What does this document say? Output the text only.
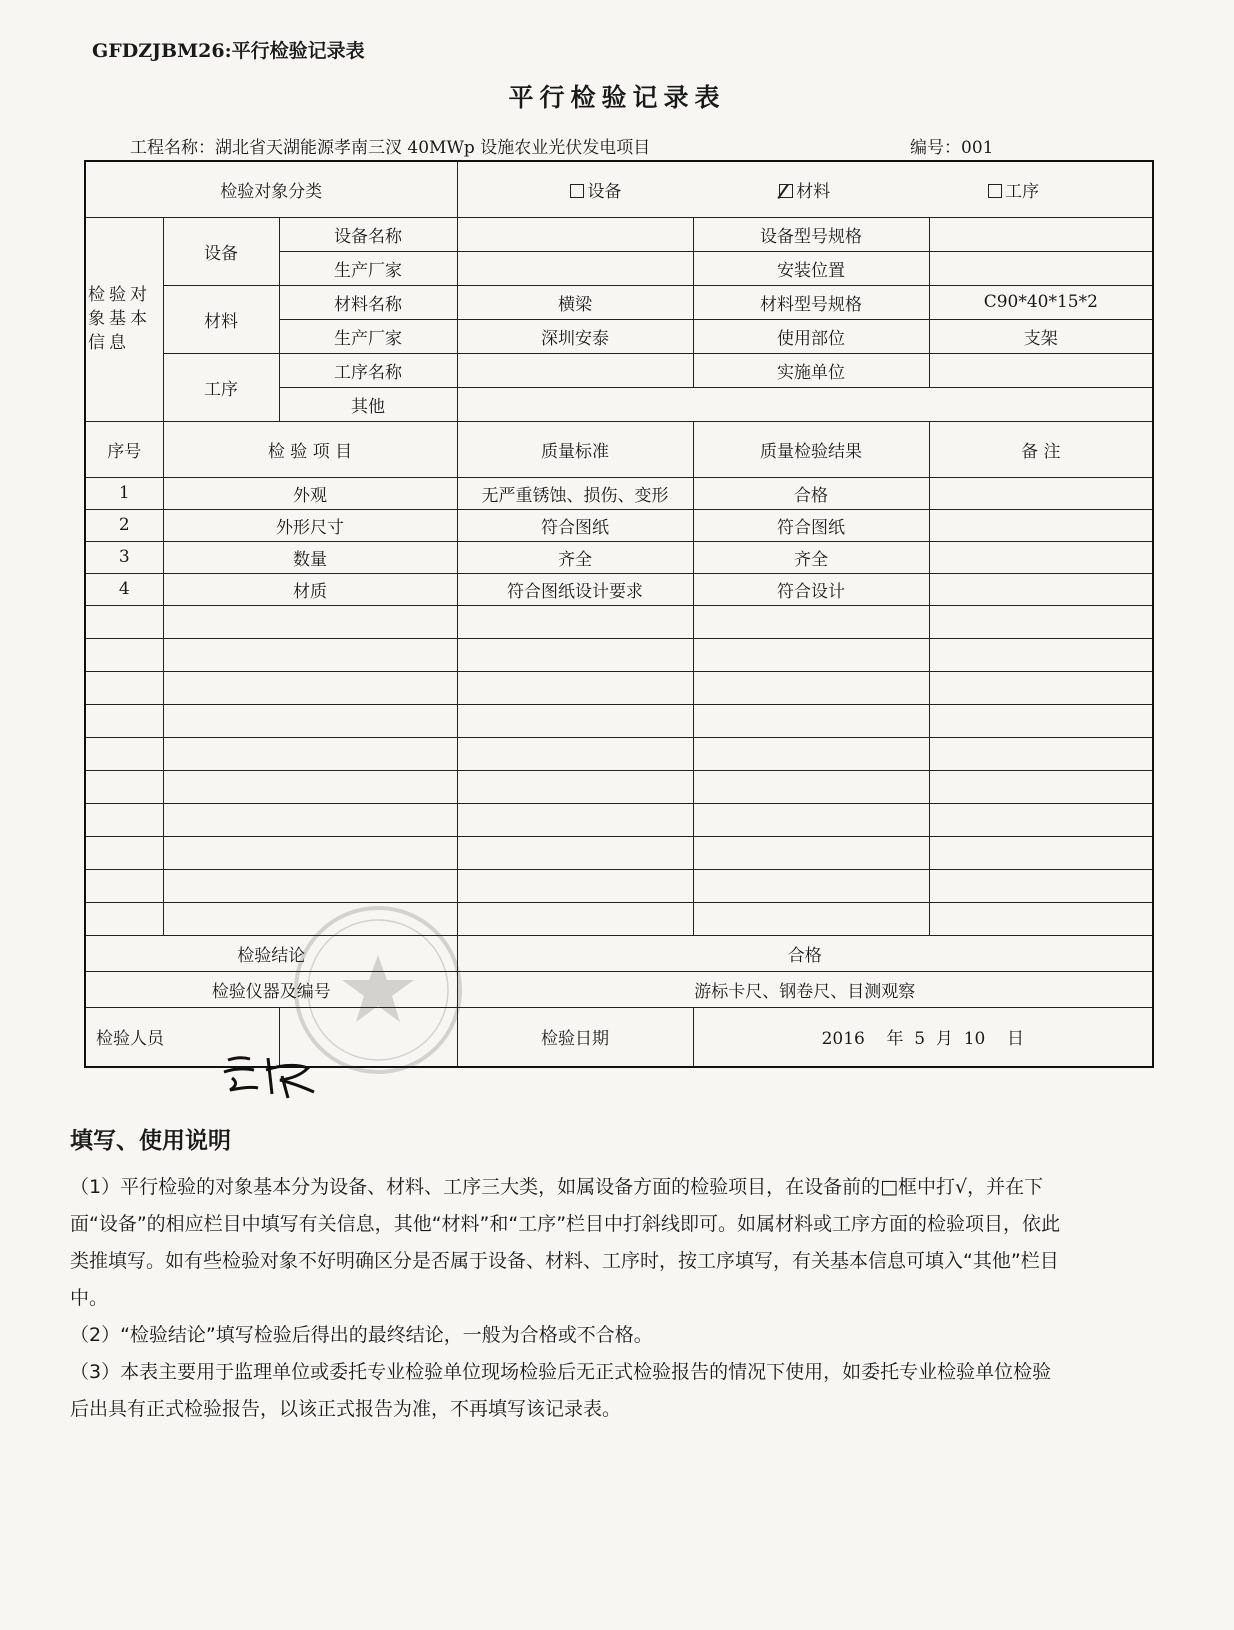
GFDZJBM26:平行检验记录表
平行检验记录表
工程名称：湖北省天湖能源孝南三汊 40MWp 设施农业光伏发电项目	编号：001
检验对象分类			设备 材料 工序		

检验对象基本信息	设备	设备名称		设备型号规格	
		生产厂家		安装位置	
	材料	材料名称	横梁	材料型号规格	C90*40*15*2
		生产厂家	深圳安泰	使用部位	支架
	工序	工序名称		实施单位	
		其他			
序号	检 验 项 目		质量标准	质量检验结果	备 注
1	外观		无严重锈蚀、损伤、变形	合格	
2	外形尺寸		符合图纸	符合图纸	
3	数量		齐全	齐全	
4	材质		符合图纸设计要求	符合设计	

检验结论			合格		
检验仪器及编号			游标卡尺、钢卷尺、目测观察		
检验人员			检验日期	2016 年 5 月 10 日	
填写、使用说明

（1）平行检验的对象基本分为设备、材料、工序三大类，如属设备方面的检验项目，在设备前的□框中打√，并在下面“设备”的相应栏目中填写有关信息，其他“材料”和“工序”栏目中打斜线即可。如属材料或工序方面的检验项目，依此类推填写。如有些检验对象不好明确区分是否属于设备、材料、工序时，按工序填写，有关基本信息可填入“其他”栏目中。

（2）“检验结论”填写检验后得出的最终结论，一般为合格或不合格。

（3）本表主要用于监理单位或委托专业检验单位现场检验后无正式检验报告的情况下使用，如委托专业检验单位检验后出具有正式检验报告，以该正式报告为准，不再填写该记录表。
